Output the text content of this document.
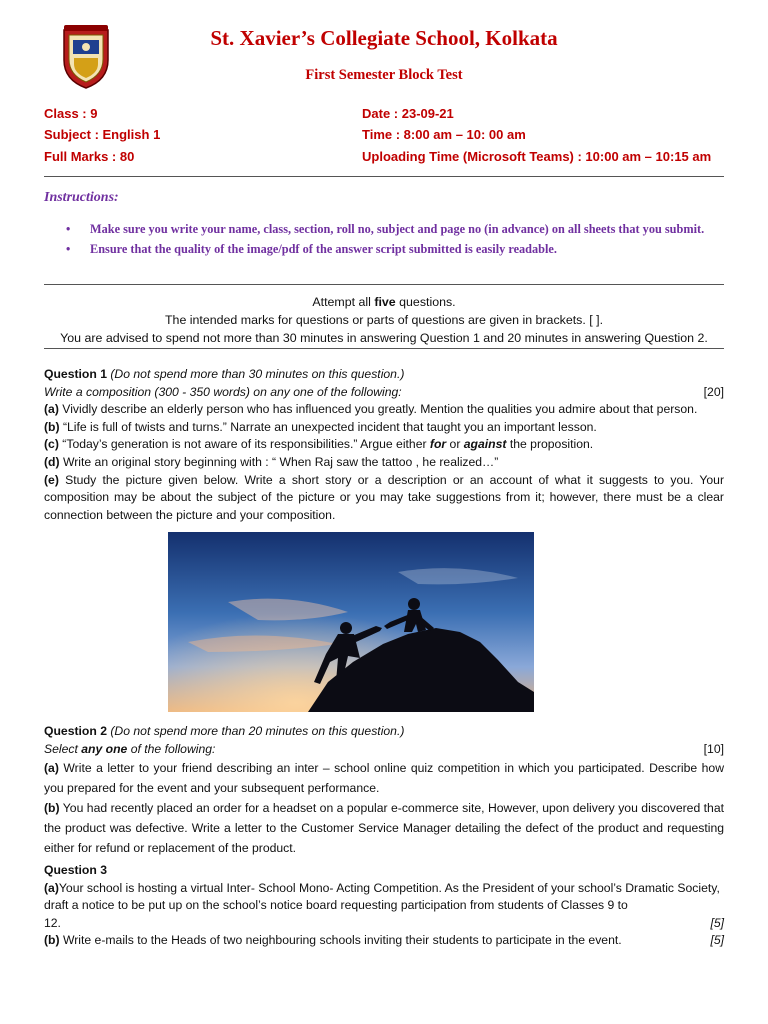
St. Xavier’s Collegiate School, Kolkata
First Semester Block Test
Class : 9
Subject : English 1
Full Marks : 80
Date : 23-09-21
Time : 8:00 am – 10: 00 am
Uploading Time (Microsoft Teams) : 10:00 am – 10:15 am
Instructions:
• Make sure you write your name, class, section, roll no, subject and page no (in advance) on all sheets that you submit.
• Ensure that the quality of the image/pdf of the answer script submitted is easily readable.
Attempt all five questions.
The intended marks for questions or parts of questions are given in brackets. [ ].
You are advised to spend not more than 30 minutes in answering Question 1 and 20 minutes in answering Question 2.
Question 1 (Do not spend more than 30 minutes on this question.)
Write a composition (300 - 350 words) on any one of the following:	[20]
(a) Vividly describe an elderly person who has influenced you greatly. Mention the qualities you admire about that person.
(b) “Life is full of twists and turns.” Narrate an unexpected incident that taught you an important lesson.
(c) “Today’s generation is not aware of its responsibilities.” Argue either for or against the proposition.
(d) Write an original story beginning with : “ When Raj saw the tattoo , he realized…”
(e) Study the picture given below. Write a short story or a description or an account of what it suggests to you. Your composition may be about the subject of the picture or you may take suggestions from it; however, there must be a clear connection between the picture and your composition.
Question 2 (Do not spend more than 20 minutes on this question.)
Select any one of the following:	[10]
(a) Write a letter to your friend describing an inter – school online quiz competition in which you participated. Describe how you prepared for the event and your subsequent performance.
(b) You had recently placed an order for a headset on a popular e-commerce site, However, upon delivery you discovered that the product was defective. Write a letter to the Customer Service Manager detailing the defect of the product and requesting either for refund or replacement of the product.
Question 3
(a)Your school is hosting a virtual Inter- School Mono- Acting Competition. As the President of your school’s Dramatic Society, draft a notice to be put up on the school’s notice board requesting participation from students of Classes 9 to
12.	[5]
(b) Write e-mails to the Heads of two neighbouring schools inviting their students to participate in the event.	[5]
